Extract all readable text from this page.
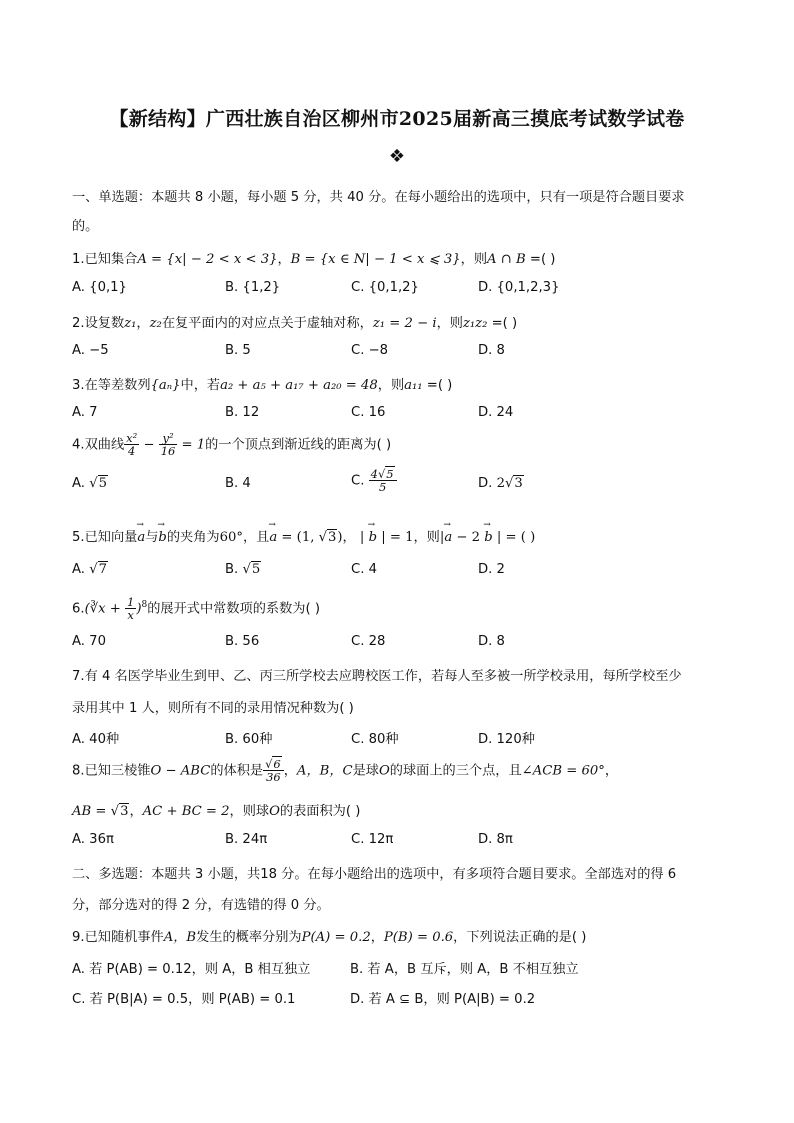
【新结构】广西壮族自治区柳州市2025届新高三摸底考试数学试卷
❖
一、单选题：本题共 8 小题，每小题 5 分，共 40 分。在每小题给出的选项中，只有一项是符合题目要求
的。
1.已知集合A = {x| − 2 < x < 3}，B = {x ∈ N| − 1 < x ⩽ 3}，则A ∩ B =( )
A. {0,1}	B. {1,2}	C. {0,1,2}	D. {0,1,2,3}
2.设复数z₁，z₂在复平面内的对应点关于虚轴对称，z₁ = 2 − i，则z₁z₂ =( )
A. −5	B. 5	C. −8	D. 8
3.在等差数列{aₙ}中，若a₂ + a₅ + a₁₇ + a₂₀ = 48，则a₁₁ =( )
A. 7	B. 12	C. 16	D. 24
4.双曲线 $\frac{\text{x²}}{4} - \frac{\text{y²}}{16} = 1$的一个顶点到渐近线的距离为( )
A. √5	B. 4	C. $\frac{4√5}{5}$	D. 2√3
5.已知向量→ a与→ b的夹角为60°，且→ a = (1, √3)， | → b | = 1，则|→ a − 2 → b | = ( )
A. √7	B. √5	C. 4	D. 2
6.(∛x + $\frac{1}{x} )^8$的展开式中常数项的系数为( )
A. 70	B. 56	C. 28	D. 8
7.有 4 名医学毕业生到甲、乙、丙三所学校去应聘校医工作，若每人至多被一所学校录用，每所学校至少
录用其中 1 人，则所有不同的录用情况种数为( )
A. 40种	B. 60种	C. 80种	D. 120种
8.已知三棱锥O − ABC的体积是 $\frac{√6}{36}$ ，A，B，C是球O的球面上的三个点，且∠ACB = 60°，
AB = √3，AC + BC = 2，则球O的表面积为( )
A. 36π	B. 24π	C. 12π	D. 8π
二、多选题：本题共 3 小题，共18 分。在每小题给出的选项中，有多项符合题目要求。全部选对的得 6
分，部分选对的得 2 分，有选错的得 0 分。
9.已知随机事件A，B发生的概率分别为P(A) = 0.2，P(B) = 0.6，下列说法正确的是( )
A. 若 P(AB) = 0.12，则 A，B 相互独立	B. 若 A，B 互斥，则 A，B 不相互独立
C. 若 P(B|A) = 0.5，则 P(AB) = 0.1	D. 若 A ⊆ B，则 P(A|B) = 0.2
